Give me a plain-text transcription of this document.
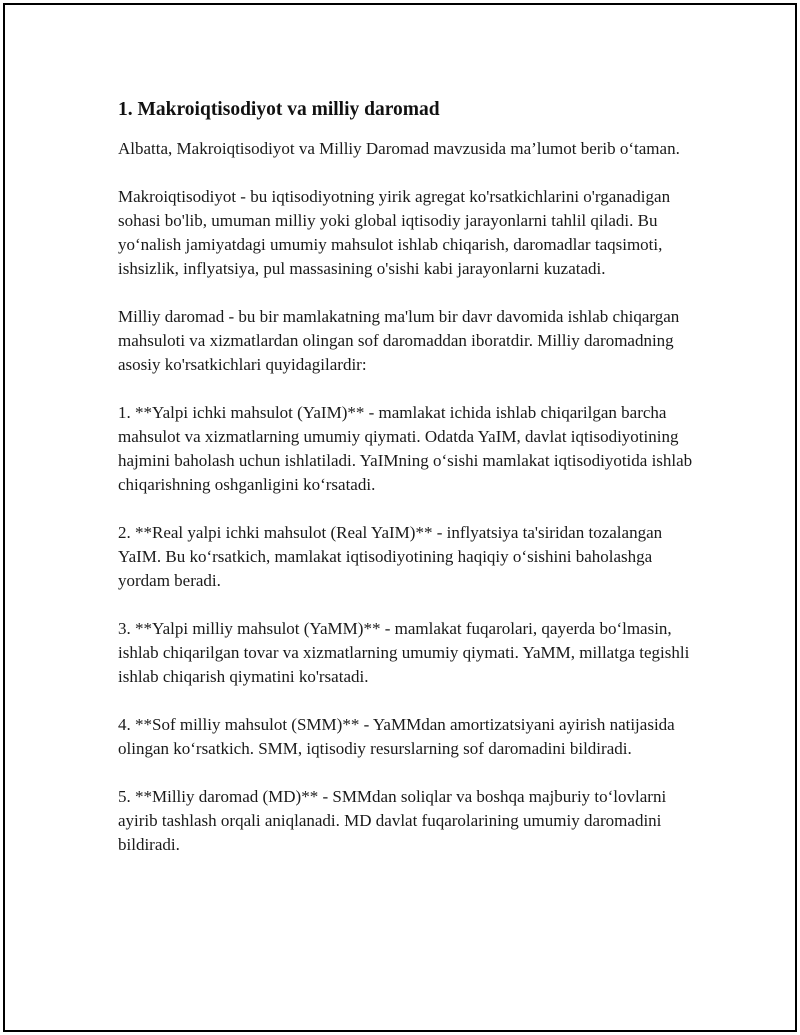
1. Makroiqtisodiyot va milliy daromad

Albatta, Makroiqtisodiyot va Milliy Daromad mavzusida ma’lumot berib o‘taman.

Makroiqtisodiyot - bu iqtisodiyotning yirik agregat ko'rsatkichlarini o'rganadigan sohasi bo'lib, umuman milliy yoki global iqtisodiy jarayonlarni tahlil qiladi. Bu yo‘nalish jamiyatdagi umumiy mahsulot ishlab chiqarish, daromadlar taqsimoti, ishsizlik, inflyatsiya, pul massasining o'sishi kabi jarayonlarni kuzatadi.

Milliy daromad - bu bir mamlakatning ma'lum bir davr davomida ishlab chiqargan mahsuloti va xizmatlardan olingan sof daromaddan iboratdir. Milliy daromadning asosiy ko'rsatkichlari quyidagilardir:

1. **Yalpi ichki mahsulot (YaIM)** - mamlakat ichida ishlab chiqarilgan barcha mahsulot va xizmatlarning umumiy qiymati. Odatda YaIM, davlat iqtisodiyotining hajmini baholash uchun ishlatiladi. YaIMning o‘sishi mamlakat iqtisodiyotida ishlab chiqarishning oshganligini ko‘rsatadi.

2. **Real yalpi ichki mahsulot (Real YaIM)** - inflyatsiya ta'siridan tozalangan YaIM. Bu ko‘rsatkich, mamlakat iqtisodiyotining haqiqiy o‘sishini baholashga yordam beradi.

3. **Yalpi milliy mahsulot (YaMM)** - mamlakat fuqarolari, qayerda bo‘lmasin, ishlab chiqarilgan tovar va xizmatlarning umumiy qiymati. YaMM, millatga tegishli ishlab chiqarish qiymatini ko'rsatadi.

4. **Sof milliy mahsulot (SMM)** - YaMMdan amortizatsiyani ayirish natijasida olingan ko‘rsatkich. SMM, iqtisodiy resurslarning sof daromadini bildiradi.

5. **Milliy daromad (MD)** - SMMdan soliqlar va boshqa majburiy to‘lovlarni ayirib tashlash orqali aniqlanadi. MD davlat fuqarolarining umumiy daromadini bildiradi.
